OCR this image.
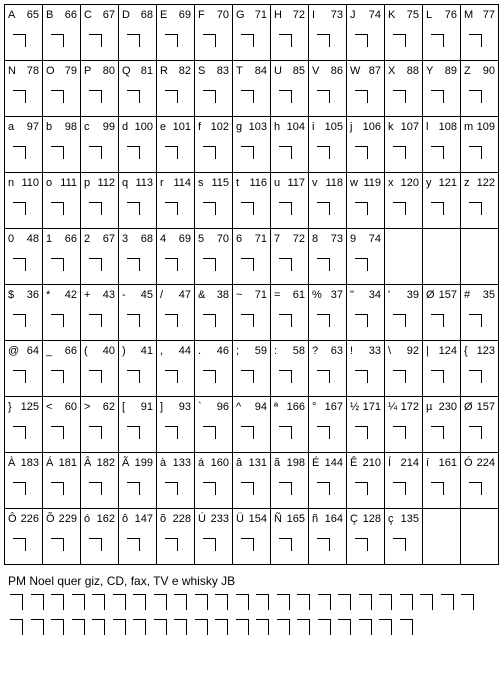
A 65	B 66	C 67	D 68	E 69	F 70	G 71	H 72	I 73	J 74	K 75	L 76	M 77

N 78	O 79	P 80	Q 81	R 82	S 83	T 84	U 85	V 86	W 87	X 88	Y 89	Z 90

a 97	b 98	c 99	d 100	e 101	f 102	g 103	h 104	i 105	j 106	k 107	l 108	m 109

n 110	o 111	p 112	q 113	r 114	s 115	t 116	u 117	v 118	w 119	x 120	y 121	z 122

0 48	1 66	2 67	3 68	4 69	5 70	6 71	7 72	8 73	9 74			

$ 36	* 42	+ 43	- 45	/ 47	& 38	~ 71	= 61	% 37	" 34	' 39	Ø 157	# 35

@ 64	_ 66	( 40	) 41	, 44	. 46	; 59	: 58	? 63	! 33	\ 92	| 124	{ 123

} 125	< 60	> 62	[ 91	] 93	` 96	^ 94	ª 166	° 167	½ 171	¼ 172	µ 230	Ø 157

À 183	Á 181	Â 182	Ã 199	à 133	á 160	â 131	ã 198	É 144	Ê 210	Í 214	í 161	Ó 224

Ô 226	Õ 229	ó 162	ô 147	õ 228	Ú 233	Ü 154	Ñ 165	ñ 164	Ç 128	ç 135		

PM Noel quer giz, CD, fax, TV e whisky JB
